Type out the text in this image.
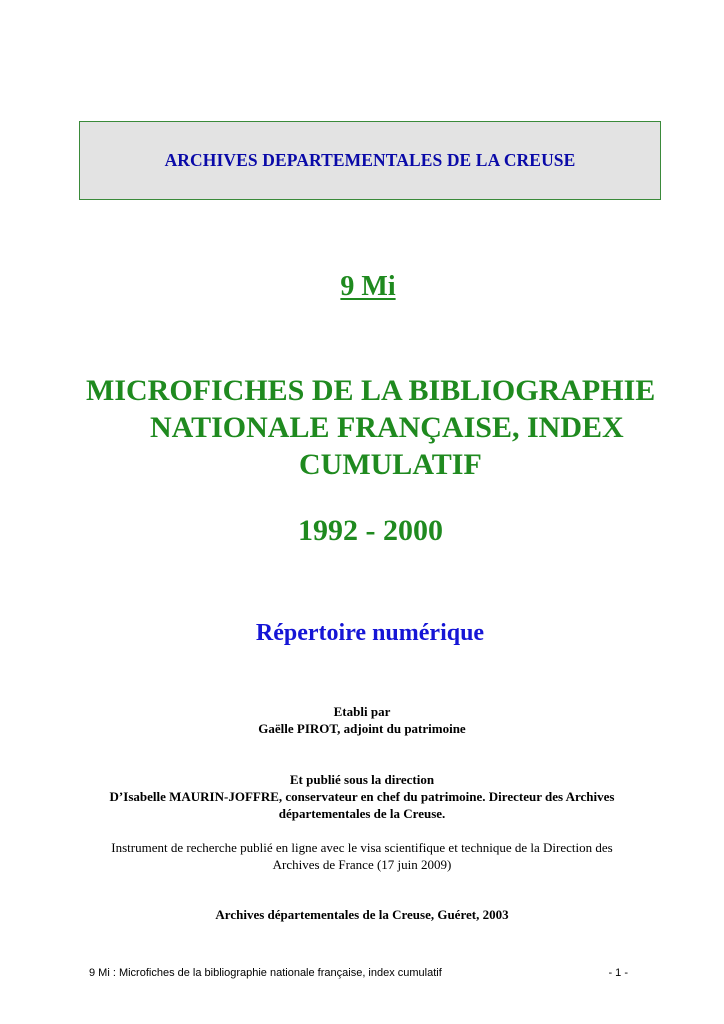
ARCHIVES DEPARTEMENTALES DE LA CREUSE
9 Mi
MICROFICHES DE LA BIBLIOGRAPHIE
NATIONALE FRANÇAISE, INDEX
CUMULATIF
1992 - 2000
Répertoire numérique
Etabli par
Gaëlle PIROT, adjoint du patrimoine
Et publié sous la direction
D’Isabelle MAURIN-JOFFRE, conservateur en chef du patrimoine. Directeur des Archives
départementales de la Creuse.
Instrument de recherche publié en ligne avec le visa scientifique et technique de la Direction des
Archives de France (17 juin 2009)
Archives départementales de la Creuse, Guéret, 2003
9 Mi : Microfiches de la bibliographie nationale française, index cumulatif	- 1 -
